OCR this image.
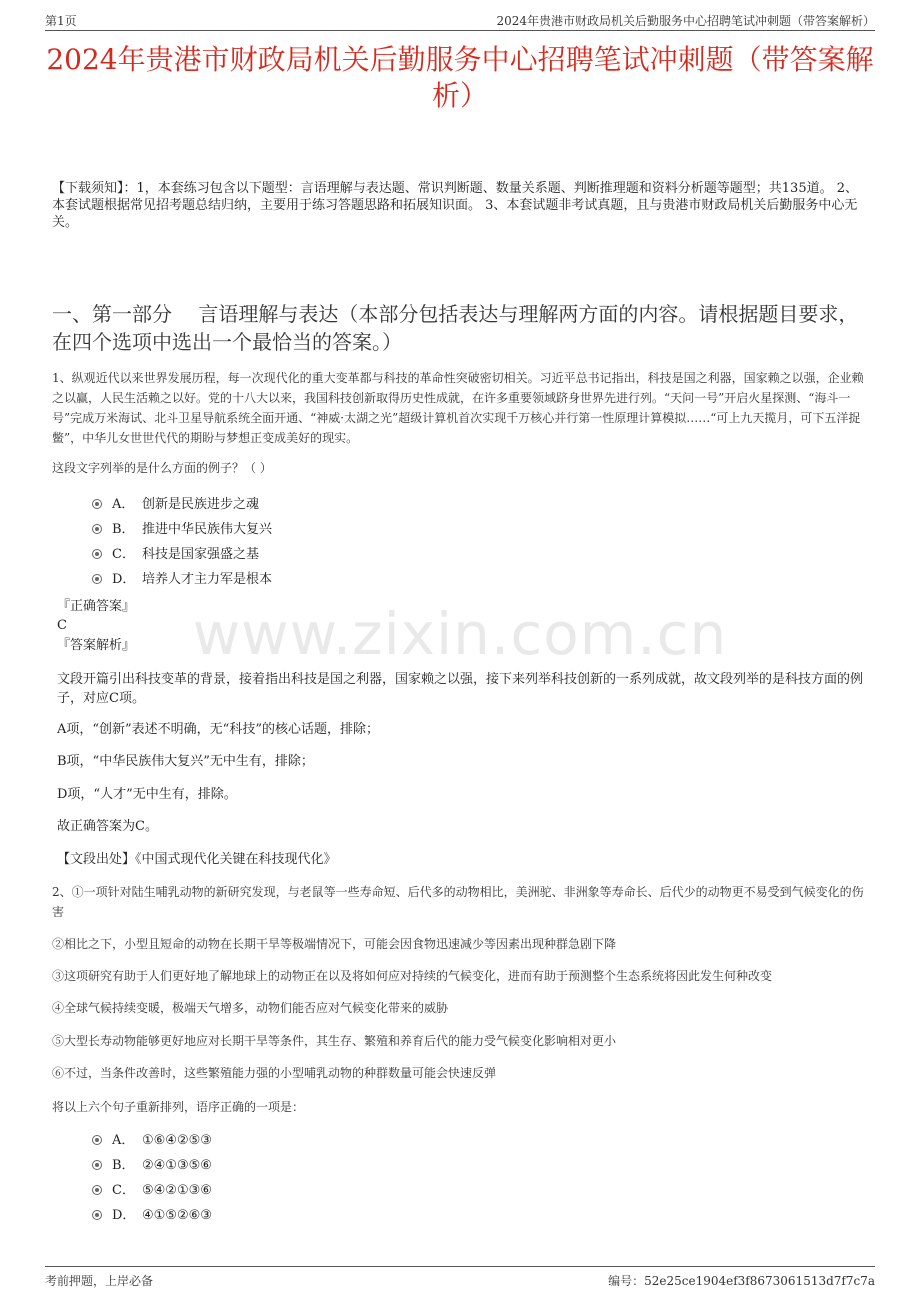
第1页	2024年贵港市财政局机关后勤服务中心招聘笔试冲刺题（带答案解析）
2024年贵港市财政局机关后勤服务中心招聘笔试冲刺题（带答案解析）
【下载须知】：1，本套练习包含以下题型：言语理解与表达题、常识判断题、数量关系题、判断推理题和资料分析题等题型；共135道。 2、本套试题根据常见招考题总结归纳，主要用于练习答题思路和拓展知识面。 3、本套试题非考试真题，且与贵港市财政局机关后勤服务中心无关。
一、第一部分　 言语理解与表达（本部分包括表达与理解两方面的内容。请根据题目要求，在四个选项中选出一个最恰当的答案。）
1、纵观近代以来世界发展历程，每一次现代化的重大变革都与科技的革命性突破密切相关。习近平总书记指出，科技是国之利器，国家赖之以强，企业赖之以赢，人民生活赖之以好。党的十八大以来，我国科技创新取得历史性成就，在许多重要领域跻身世界先进行列。“天问一号”开启火星探测、“海斗一号”完成万米海试、北斗卫星导航系统全面开通、“神威·太湖之光”超级计算机首次实现千万核心并行第一性原理计算模拟……“可上九天揽月，可下五洋捉鳖”，中华儿女世世代代的期盼与梦想正变成美好的现实。
这段文字列举的是什么方面的例子？（ ）
A． 创新是民族进步之魂
B． 推进中华民族伟大复兴
C． 科技是国家强盛之基
D． 培养人才主力军是根本
『正确答案』
C
『答案解析』
文段开篇引出科技变革的背景，接着指出科技是国之利器，国家赖之以强，接下来列举科技创新的一系列成就，故文段列举的是科技方面的例子，对应C项。
A项，“创新”表述不明确，无“科技”的核心话题，排除；
B项，“中华民族伟大复兴”无中生有，排除；
D项，“人才”无中生有，排除。
故正确答案为C。
【文段出处】《中国式现代化关键在科技现代化》
2、①一项针对陆生哺乳动物的新研究发现，与老鼠等一些寿命短、后代多的动物相比，美洲驼、非洲象等寿命长、后代少的动物更不易受到气候变化的伤害
②相比之下，小型且短命的动物在长期干旱等极端情况下，可能会因食物迅速减少等因素出现种群急剧下降
③这项研究有助于人们更好地了解地球上的动物正在以及将如何应对持续的气候变化，进而有助于预测整个生态系统将因此发生何种改变
④全球气候持续变暖，极端天气增多，动物们能否应对气候变化带来的威胁
⑤大型长寿动物能够更好地应对长期干旱等条件，其生存、繁殖和养育后代的能力受气候变化影响相对更小
⑥不过，当条件改善时，这些繁殖能力强的小型哺乳动物的种群数量可能会快速反弹
将以上六个句子重新排列，语序正确的一项是：
A． ①⑥④②⑤③
B． ②④①③⑤⑥
C． ⑤④②①③⑥
D． ④①⑤②⑥③
www.zixin.com.cn
考前押题，上岸必备	编号：52e25ce1904ef3f8673061513d7f7c7a
